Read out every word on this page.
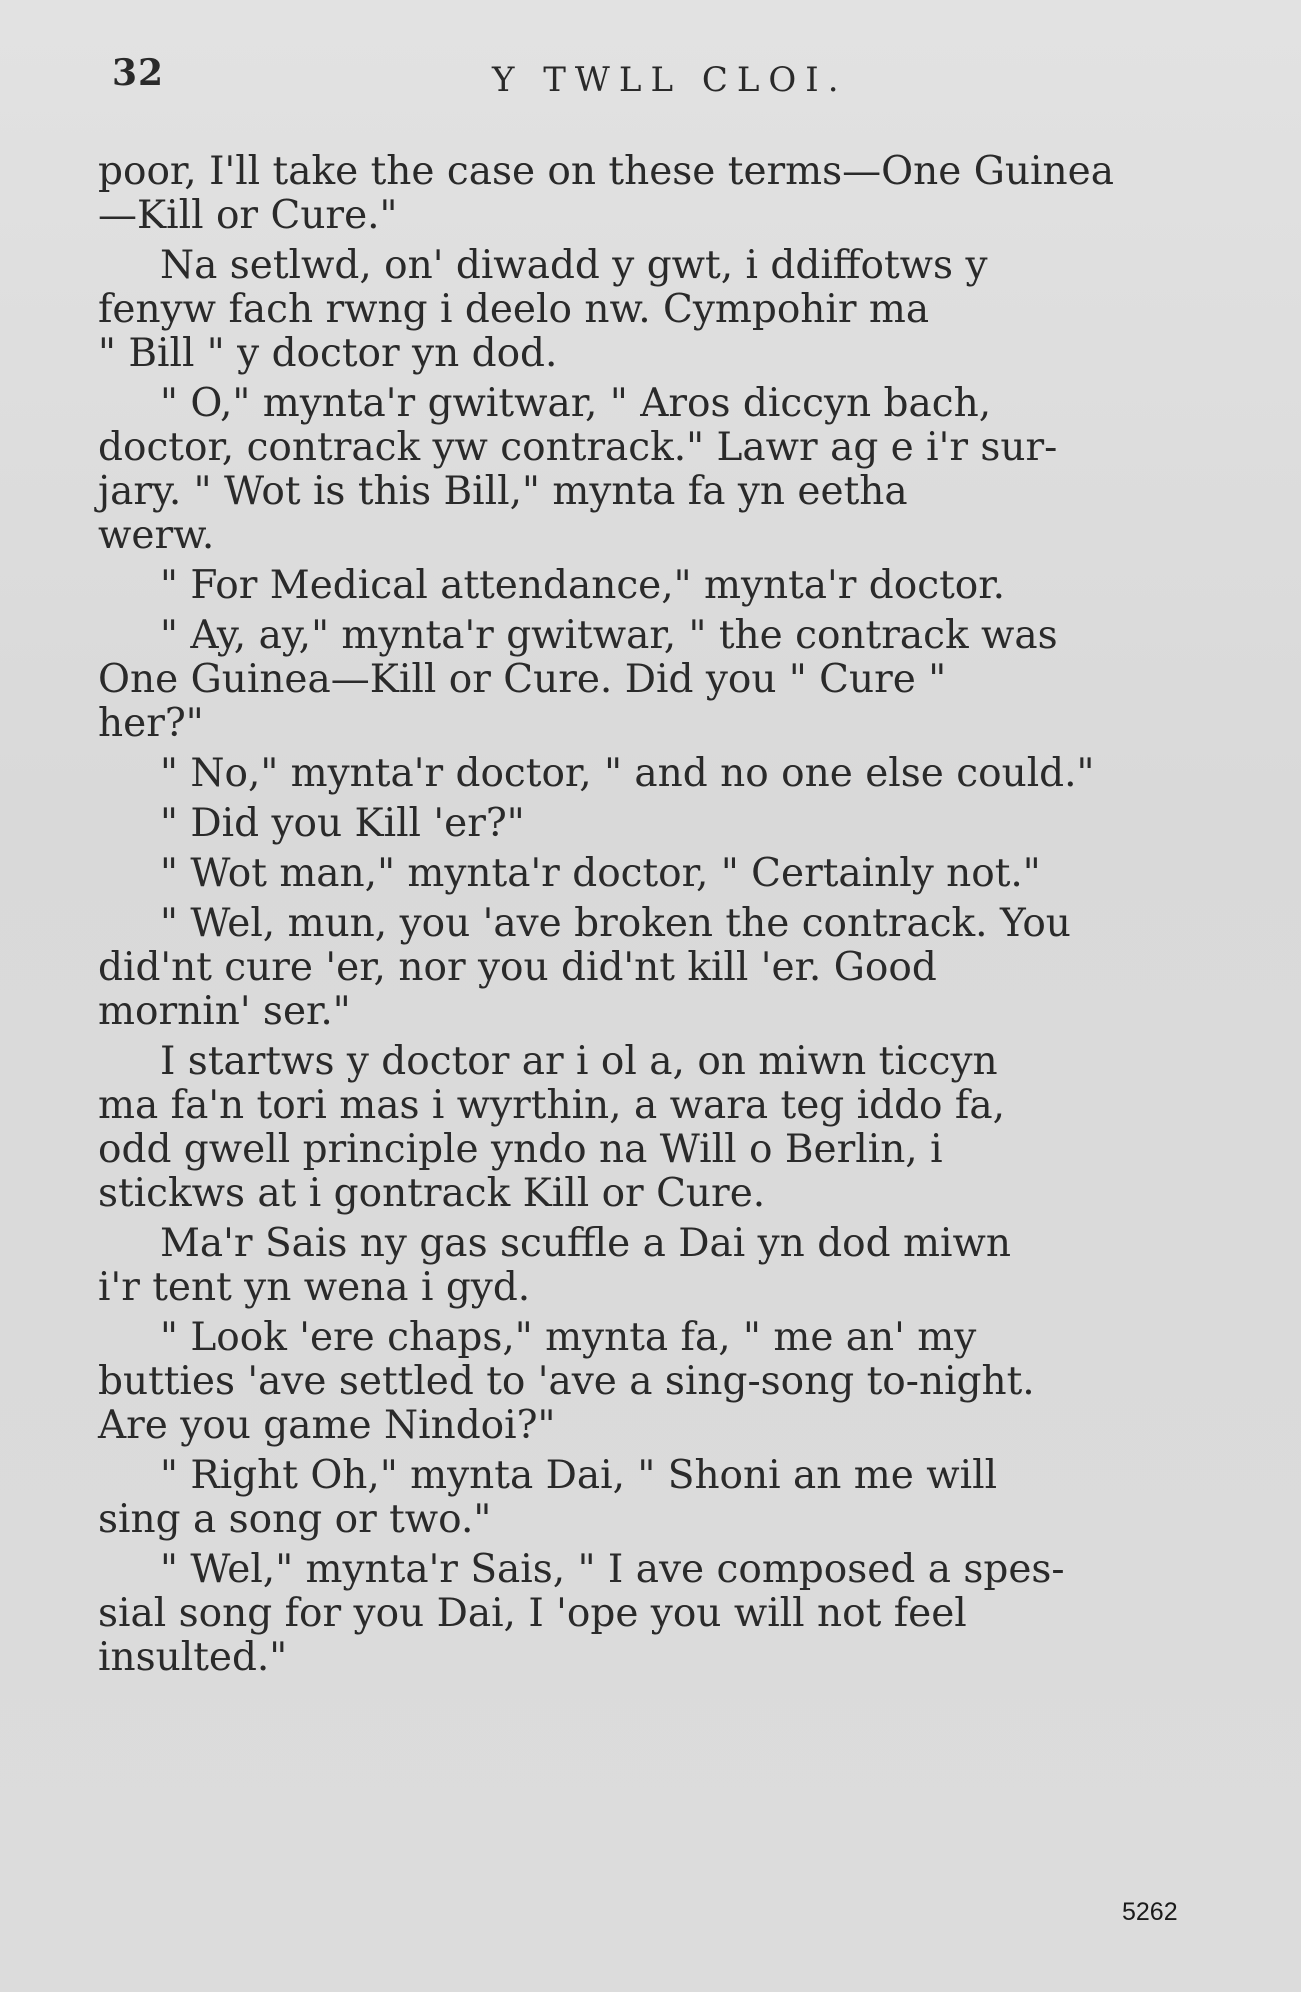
32	Y TWLL CLOI.
poor, I'll take the case on these terms—One Guinea
—Kill or Cure."
Na setlwd, on' diwadd y gwt, i ddiffotws y
fenyw fach rwng i deelo nw. Cympohir ma
" Bill " y doctor yn dod.
" O," mynta'r gwitwar, " Aros diccyn bach,
doctor, contrack yw contrack." Lawr ag e i'r sur-
jary. " Wot is this Bill," mynta fa yn eetha
werw.
" For Medical attendance," mynta'r doctor.
" Ay, ay," mynta'r gwitwar, " the contrack was
One Guinea—Kill or Cure. Did you " Cure "
her?"
" No," mynta'r doctor, " and no one else could."
" Did you Kill 'er?"
" Wot man," mynta'r doctor, " Certainly not."
" Wel, mun, you 'ave broken the contrack. You
did'nt cure 'er, nor you did'nt kill 'er. Good
mornin' ser."
I startws y doctor ar i ol a, on miwn ticcyn
ma fa'n tori mas i wyrthin, a wara teg iddo fa,
odd gwell principle yndo na Will o Berlin, i
stickws at i gontrack Kill or Cure.
Ma'r Sais ny gas scuffle a Dai yn dod miwn
i'r tent yn wena i gyd.
" Look 'ere chaps," mynta fa, " me an' my
butties 'ave settled to 'ave a sing-song to-night.
Are you game Nindoi?"
" Right Oh," mynta Dai, " Shoni an me will
sing a song or two."
" Wel," mynta'r Sais, " I ave composed a spes-
sial song for you Dai, I 'ope you will not feel
insulted."
5262
